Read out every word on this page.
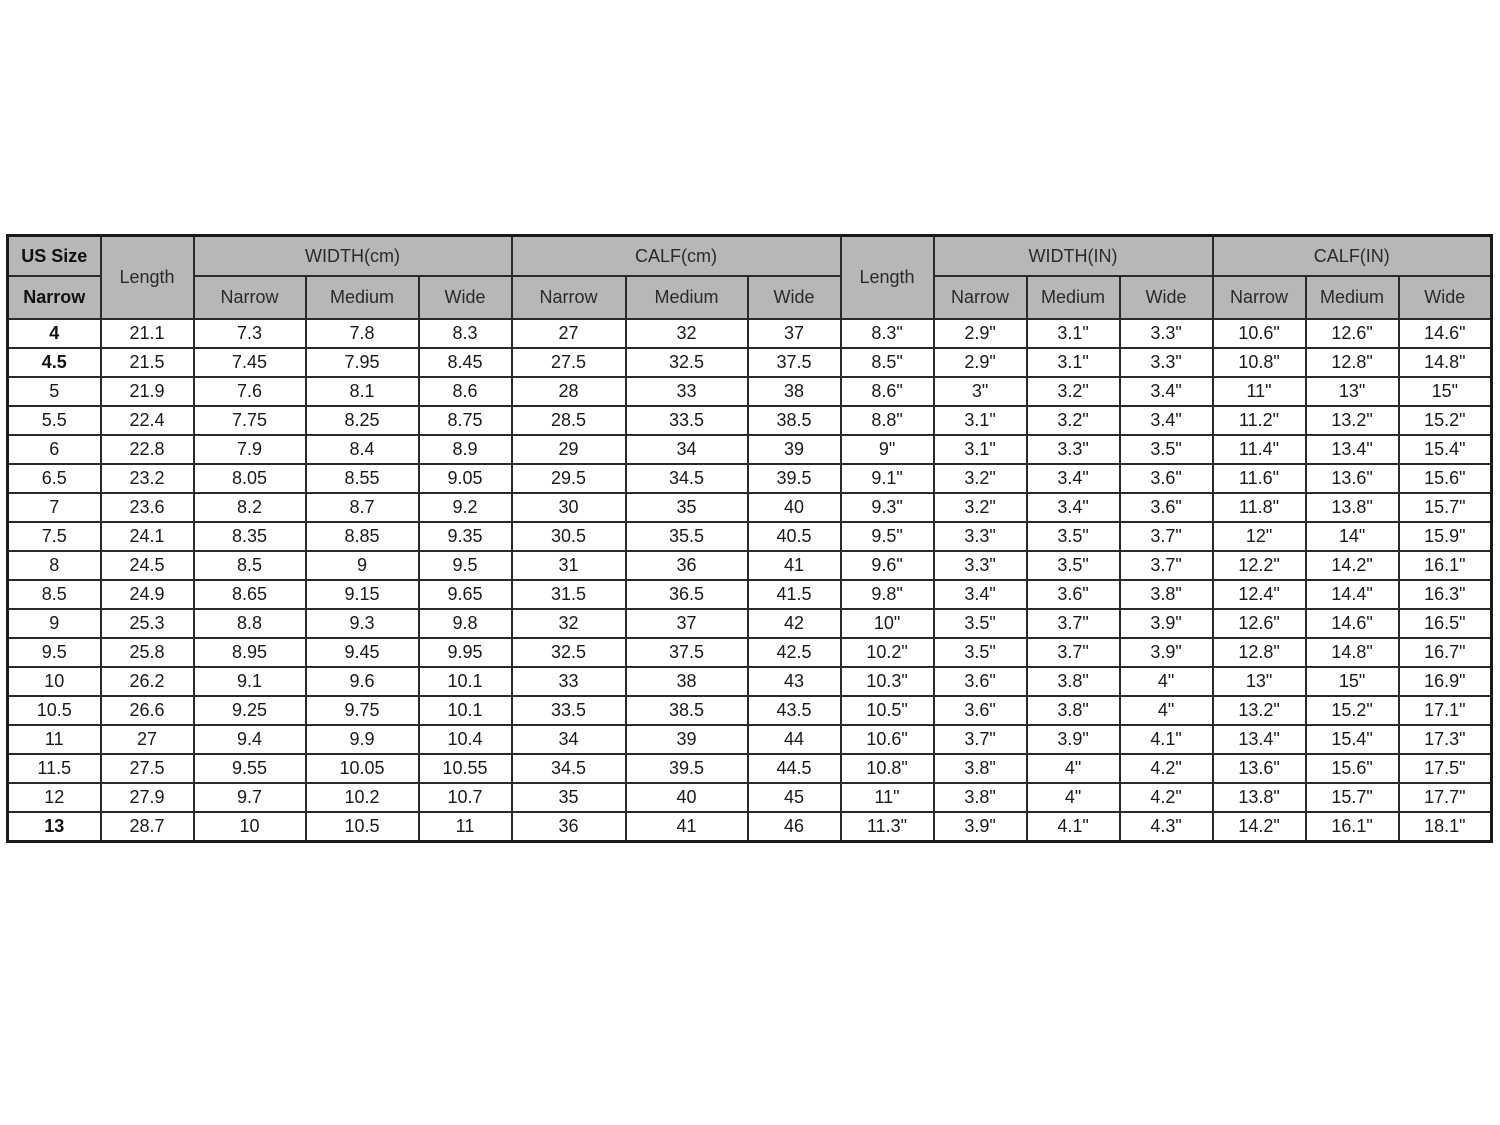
US Size	Length	WIDTH(cm)			CALF(cm)			Length	WIDTH(IN)			CALF(IN)		
Narrow		Narrow	Medium	Wide	Narrow	Medium	Wide		Narrow	Medium	Wide	Narrow	Medium	Wide
4	21.1	7.3	7.8	8.3	27	32	37	8.3"	2.9"	3.1"	3.3"	10.6"	12.6"	14.6"
4.5	21.5	7.45	7.95	8.45	27.5	32.5	37.5	8.5"	2.9"	3.1"	3.3"	10.8"	12.8"	14.8"
5	21.9	7.6	8.1	8.6	28	33	38	8.6"	3"	3.2"	3.4"	11"	13"	15"
5.5	22.4	7.75	8.25	8.75	28.5	33.5	38.5	8.8"	3.1"	3.2"	3.4"	11.2"	13.2"	15.2"
6	22.8	7.9	8.4	8.9	29	34	39	9"	3.1"	3.3"	3.5"	11.4"	13.4"	15.4"
6.5	23.2	8.05	8.55	9.05	29.5	34.5	39.5	9.1"	3.2"	3.4"	3.6"	11.6"	13.6"	15.6"
7	23.6	8.2	8.7	9.2	30	35	40	9.3"	3.2"	3.4"	3.6"	11.8"	13.8"	15.7"
7.5	24.1	8.35	8.85	9.35	30.5	35.5	40.5	9.5"	3.3"	3.5"	3.7"	12"	14"	15.9"
8	24.5	8.5	9	9.5	31	36	41	9.6"	3.3"	3.5"	3.7"	12.2"	14.2"	16.1"
8.5	24.9	8.65	9.15	9.65	31.5	36.5	41.5	9.8"	3.4"	3.6"	3.8"	12.4"	14.4"	16.3"
9	25.3	8.8	9.3	9.8	32	37	42	10"	3.5"	3.7"	3.9"	12.6"	14.6"	16.5"
9.5	25.8	8.95	9.45	9.95	32.5	37.5	42.5	10.2"	3.5"	3.7"	3.9"	12.8"	14.8"	16.7"
10	26.2	9.1	9.6	10.1	33	38	43	10.3"	3.6"	3.8"	4"	13"	15"	16.9"
10.5	26.6	9.25	9.75	10.1	33.5	38.5	43.5	10.5"	3.6"	3.8"	4"	13.2"	15.2"	17.1"
11	27	9.4	9.9	10.4	34	39	44	10.6"	3.7"	3.9"	4.1"	13.4"	15.4"	17.3"
11.5	27.5	9.55	10.05	10.55	34.5	39.5	44.5	10.8"	3.8"	4"	4.2"	13.6"	15.6"	17.5"
12	27.9	9.7	10.2	10.7	35	40	45	11"	3.8"	4"	4.2"	13.8"	15.7"	17.7"
13	28.7	10	10.5	11	36	41	46	11.3"	3.9"	4.1"	4.3"	14.2"	16.1"	18.1"
